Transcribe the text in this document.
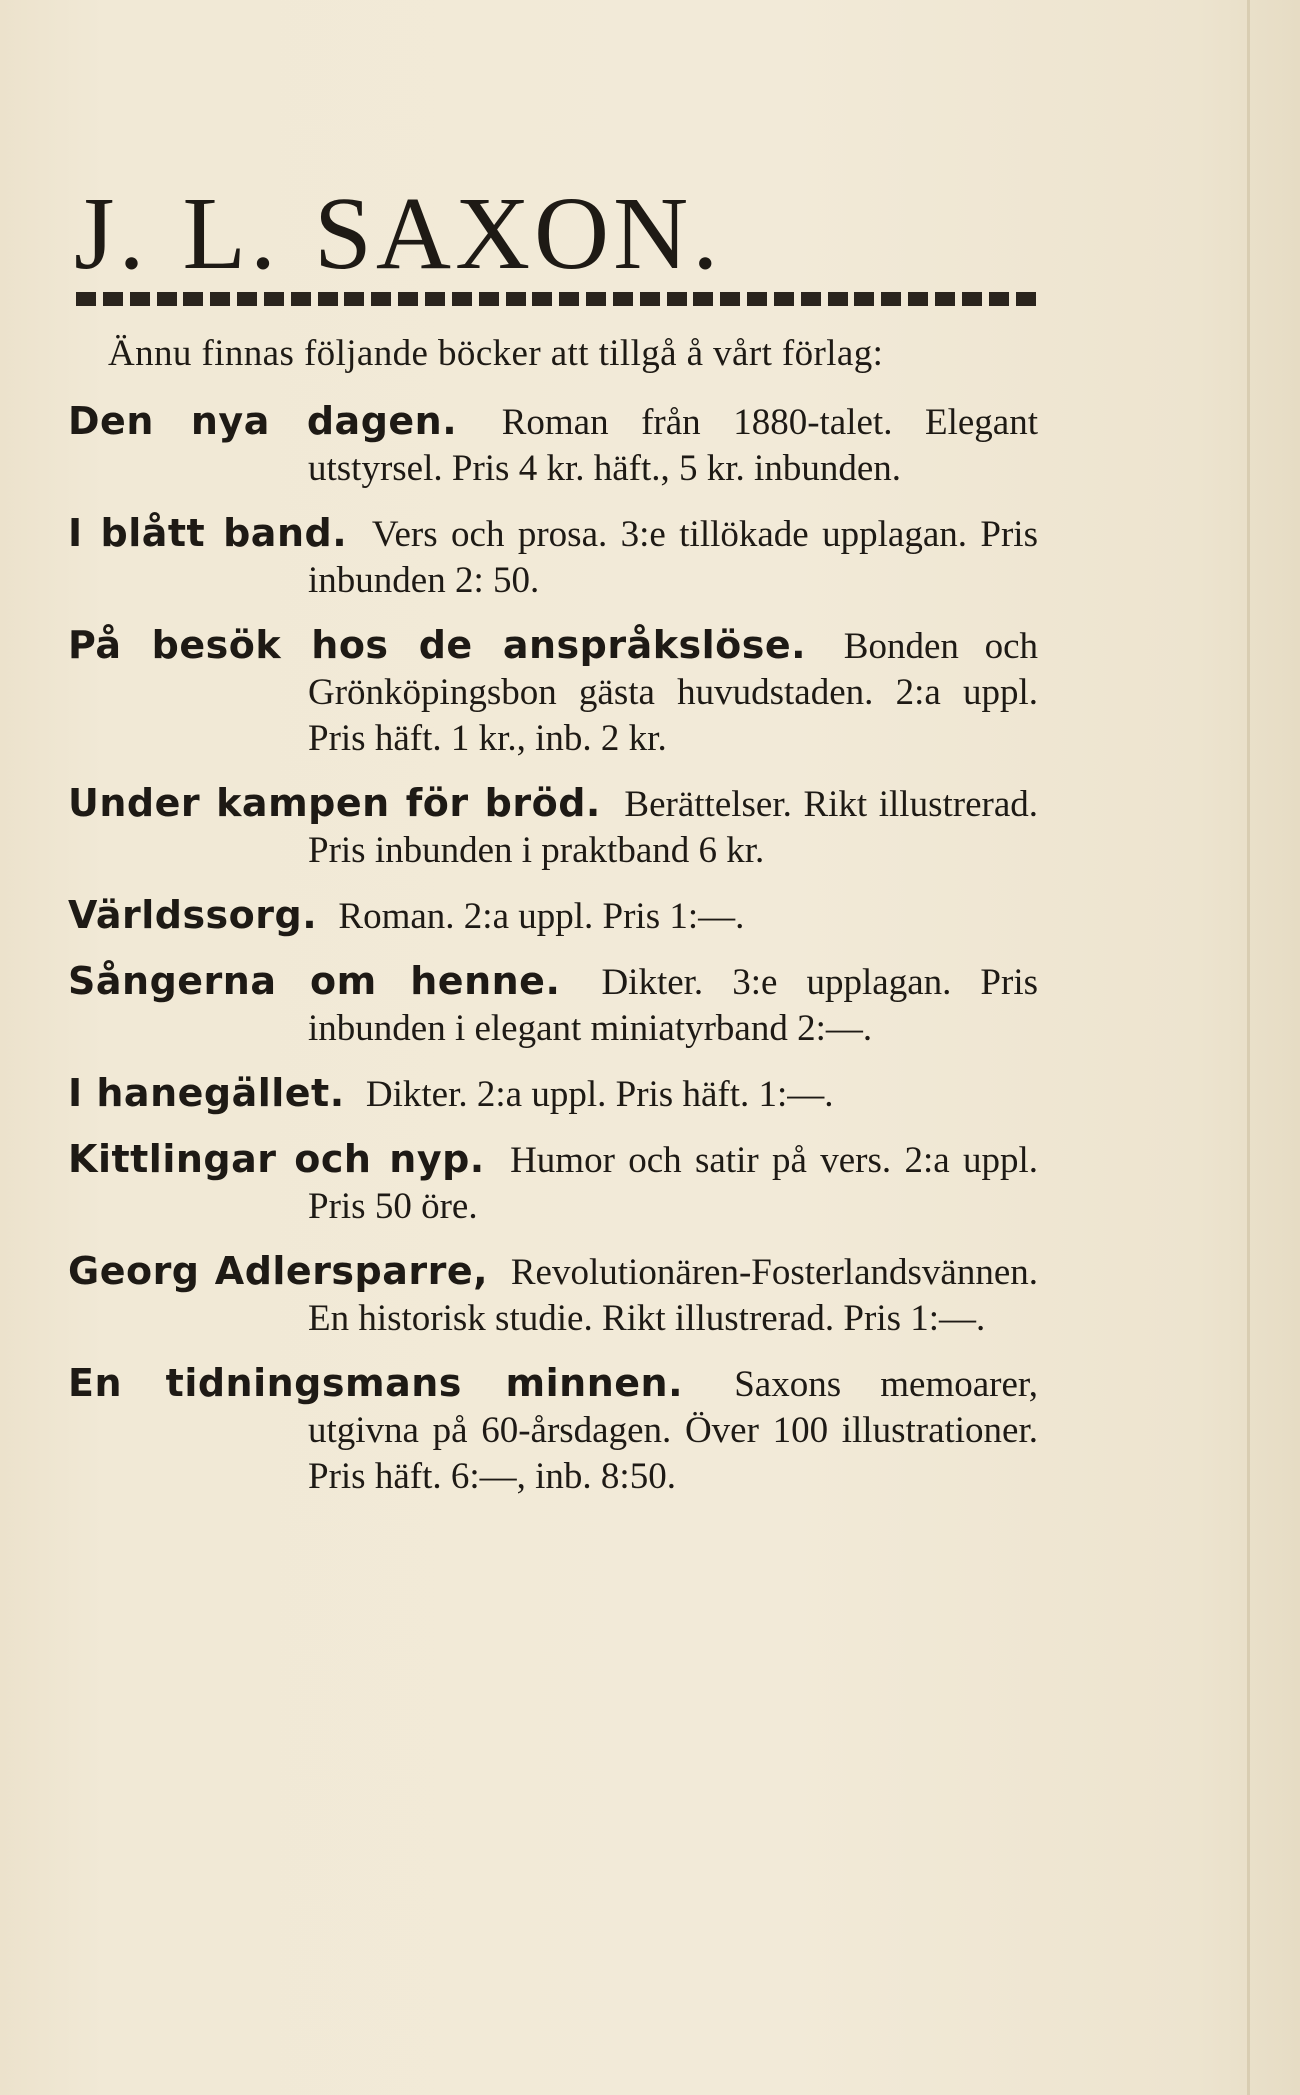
J. L. SAXON.

Ännu finnas följande böcker att tillgå å vårt förlag:

Den nya dagen. Roman från 1880-talet. Elegant utstyrsel. Pris 4 kr. häft., 5 kr. inbunden.
I blått band. Vers och prosa. 3:e tillökade upplagan. Pris inbunden 2: 50.
På besök hos de anspråkslöse. Bonden och Grönköpingsbon gästa huvudstaden. 2:a uppl. Pris häft. 1 kr., inb. 2 kr.
Under kampen för bröd. Berättelser. Rikt illustrerad. Pris inbunden i praktband 6 kr.
Världssorg. Roman. 2:a uppl. Pris 1:—.
Sångerna om henne. Dikter. 3:e upplagan. Pris inbunden i elegant miniatyrband 2:—.
I hanegället. Dikter. 2:a uppl. Pris häft. 1:—.
Kittlingar och nyp. Humor och satir på vers. 2:a uppl. Pris 50 öre.
Georg Adlersparre, Revolutionären-Fosterlandsvännen. En historisk studie. Rikt illustrerad. Pris 1:—.
En tidningsmans minnen. Saxons memoarer, utgivna på 60-årsdagen. Över 100 illustrationer. Pris häft. 6:—, inb. 8:50.
